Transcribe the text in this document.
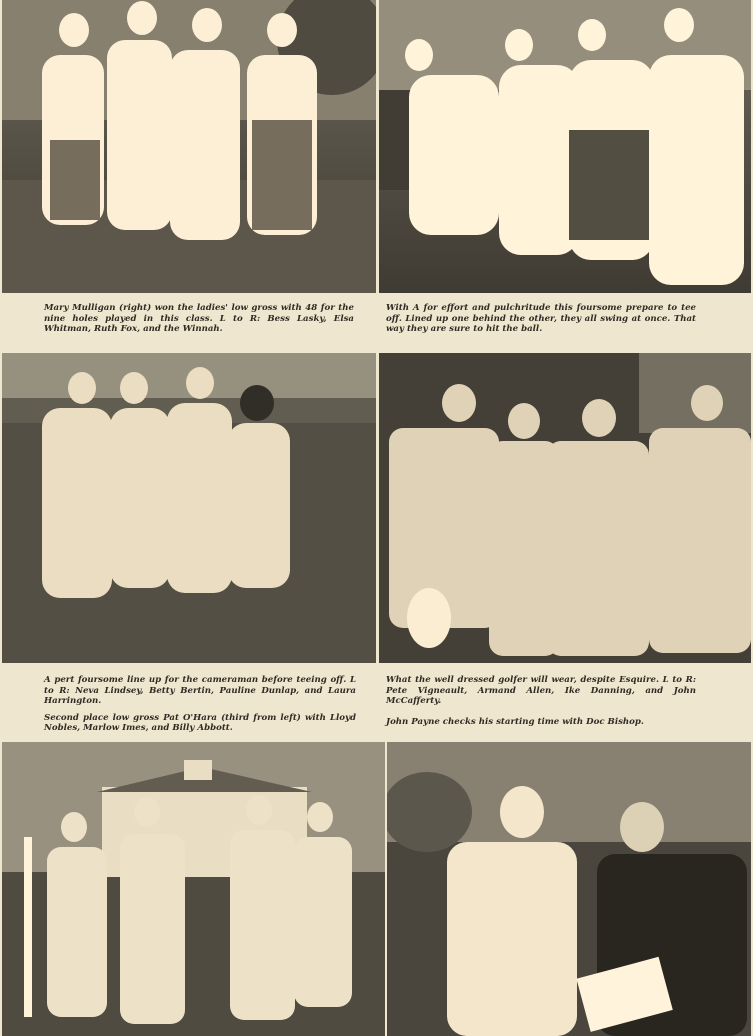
Mary Mulligan (right) won the ladies' low gross with 48 for the nine holes played in this class. L to R: Bess Lasky, Elsa Whitman, Ruth Fox, and the Winnah.

With A for effort and pulchritude this foursome prepare to tee off. Lined up one behind the other, they all swing at once. That way they are sure to hit the ball.

A pert foursome line up for the cameraman before teeing off. L to R: Neva Lindsey, Betty Bertin, Pauline Dunlap, and Laura Harrington.

Second place low gross Pat O'Hara (third from left) with Lloyd Nobles, Marlow Imes, and Billy Abbott.

What the well dressed golfer will wear, despite Esquire. L to R: Pete Vigneault, Armand Allen, Ike Danning, and John McCafferty.

John Payne checks his starting time with Doc Bishop.
